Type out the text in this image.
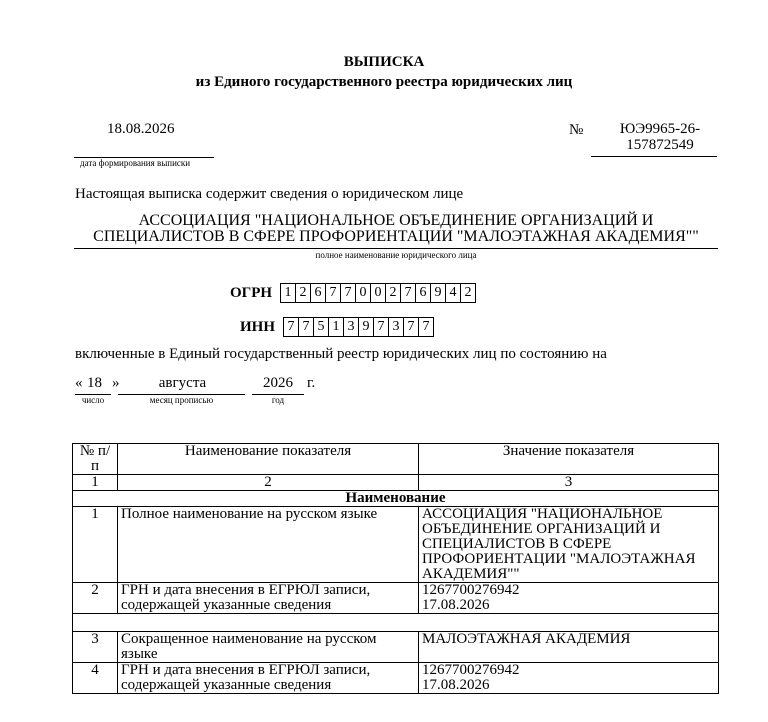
ВЫПИСКА
из Единого государственного реестра юридических лиц
18.08.2026
дата формирования выписки
№	ЮЭ9965-26-157872549
Настоящая выписка содержит сведения о юридическом лице
АССОЦИАЦИЯ "НАЦИОНАЛЬНОЕ ОБЪЕДИНЕНИЕ ОРГАНИЗАЦИЙ И СПЕЦИАЛИСТОВ В СФЕРЕ ПРОФОРИЕНТАЦИИ "МАЛОЭТАЖНАЯ АКАДЕМИЯ""
полное наименование юридического лица
ОГРН 1 2 6 7 7 0 0 2 7 6 9 4 2
ИНН 7 7 5 1 3 9 7 3 7 7
включенные в Единый государственный реестр юридических лиц по состоянию на
« 18 »	августа	2026 г.
число	месяц прописью	год
№ п/п	Наименование показателя	Значение показателя
1	2	3
Наименование		
1	Полное наименование на русском языке	АССОЦИАЦИЯ "НАЦИОНАЛЬНОЕ ОБЪЕДИНЕНИЕ ОРГАНИЗАЦИЙ И СПЕЦИАЛИСТОВ В СФЕРЕ ПРОФОРИЕНТАЦИИ "МАЛОЭТАЖНАЯ АКАДЕМИЯ""
2	ГРН и дата внесения в ЕГРЮЛ записи, содержащей указанные сведения	1267700276942
17.08.2026

3	Сокращенное наименование на русском языке	МАЛОЭТАЖНАЯ АКАДЕМИЯ
4	ГРН и дата внесения в ЕГРЮЛ записи, содержащей указанные сведения	1267700276942
17.08.2026
